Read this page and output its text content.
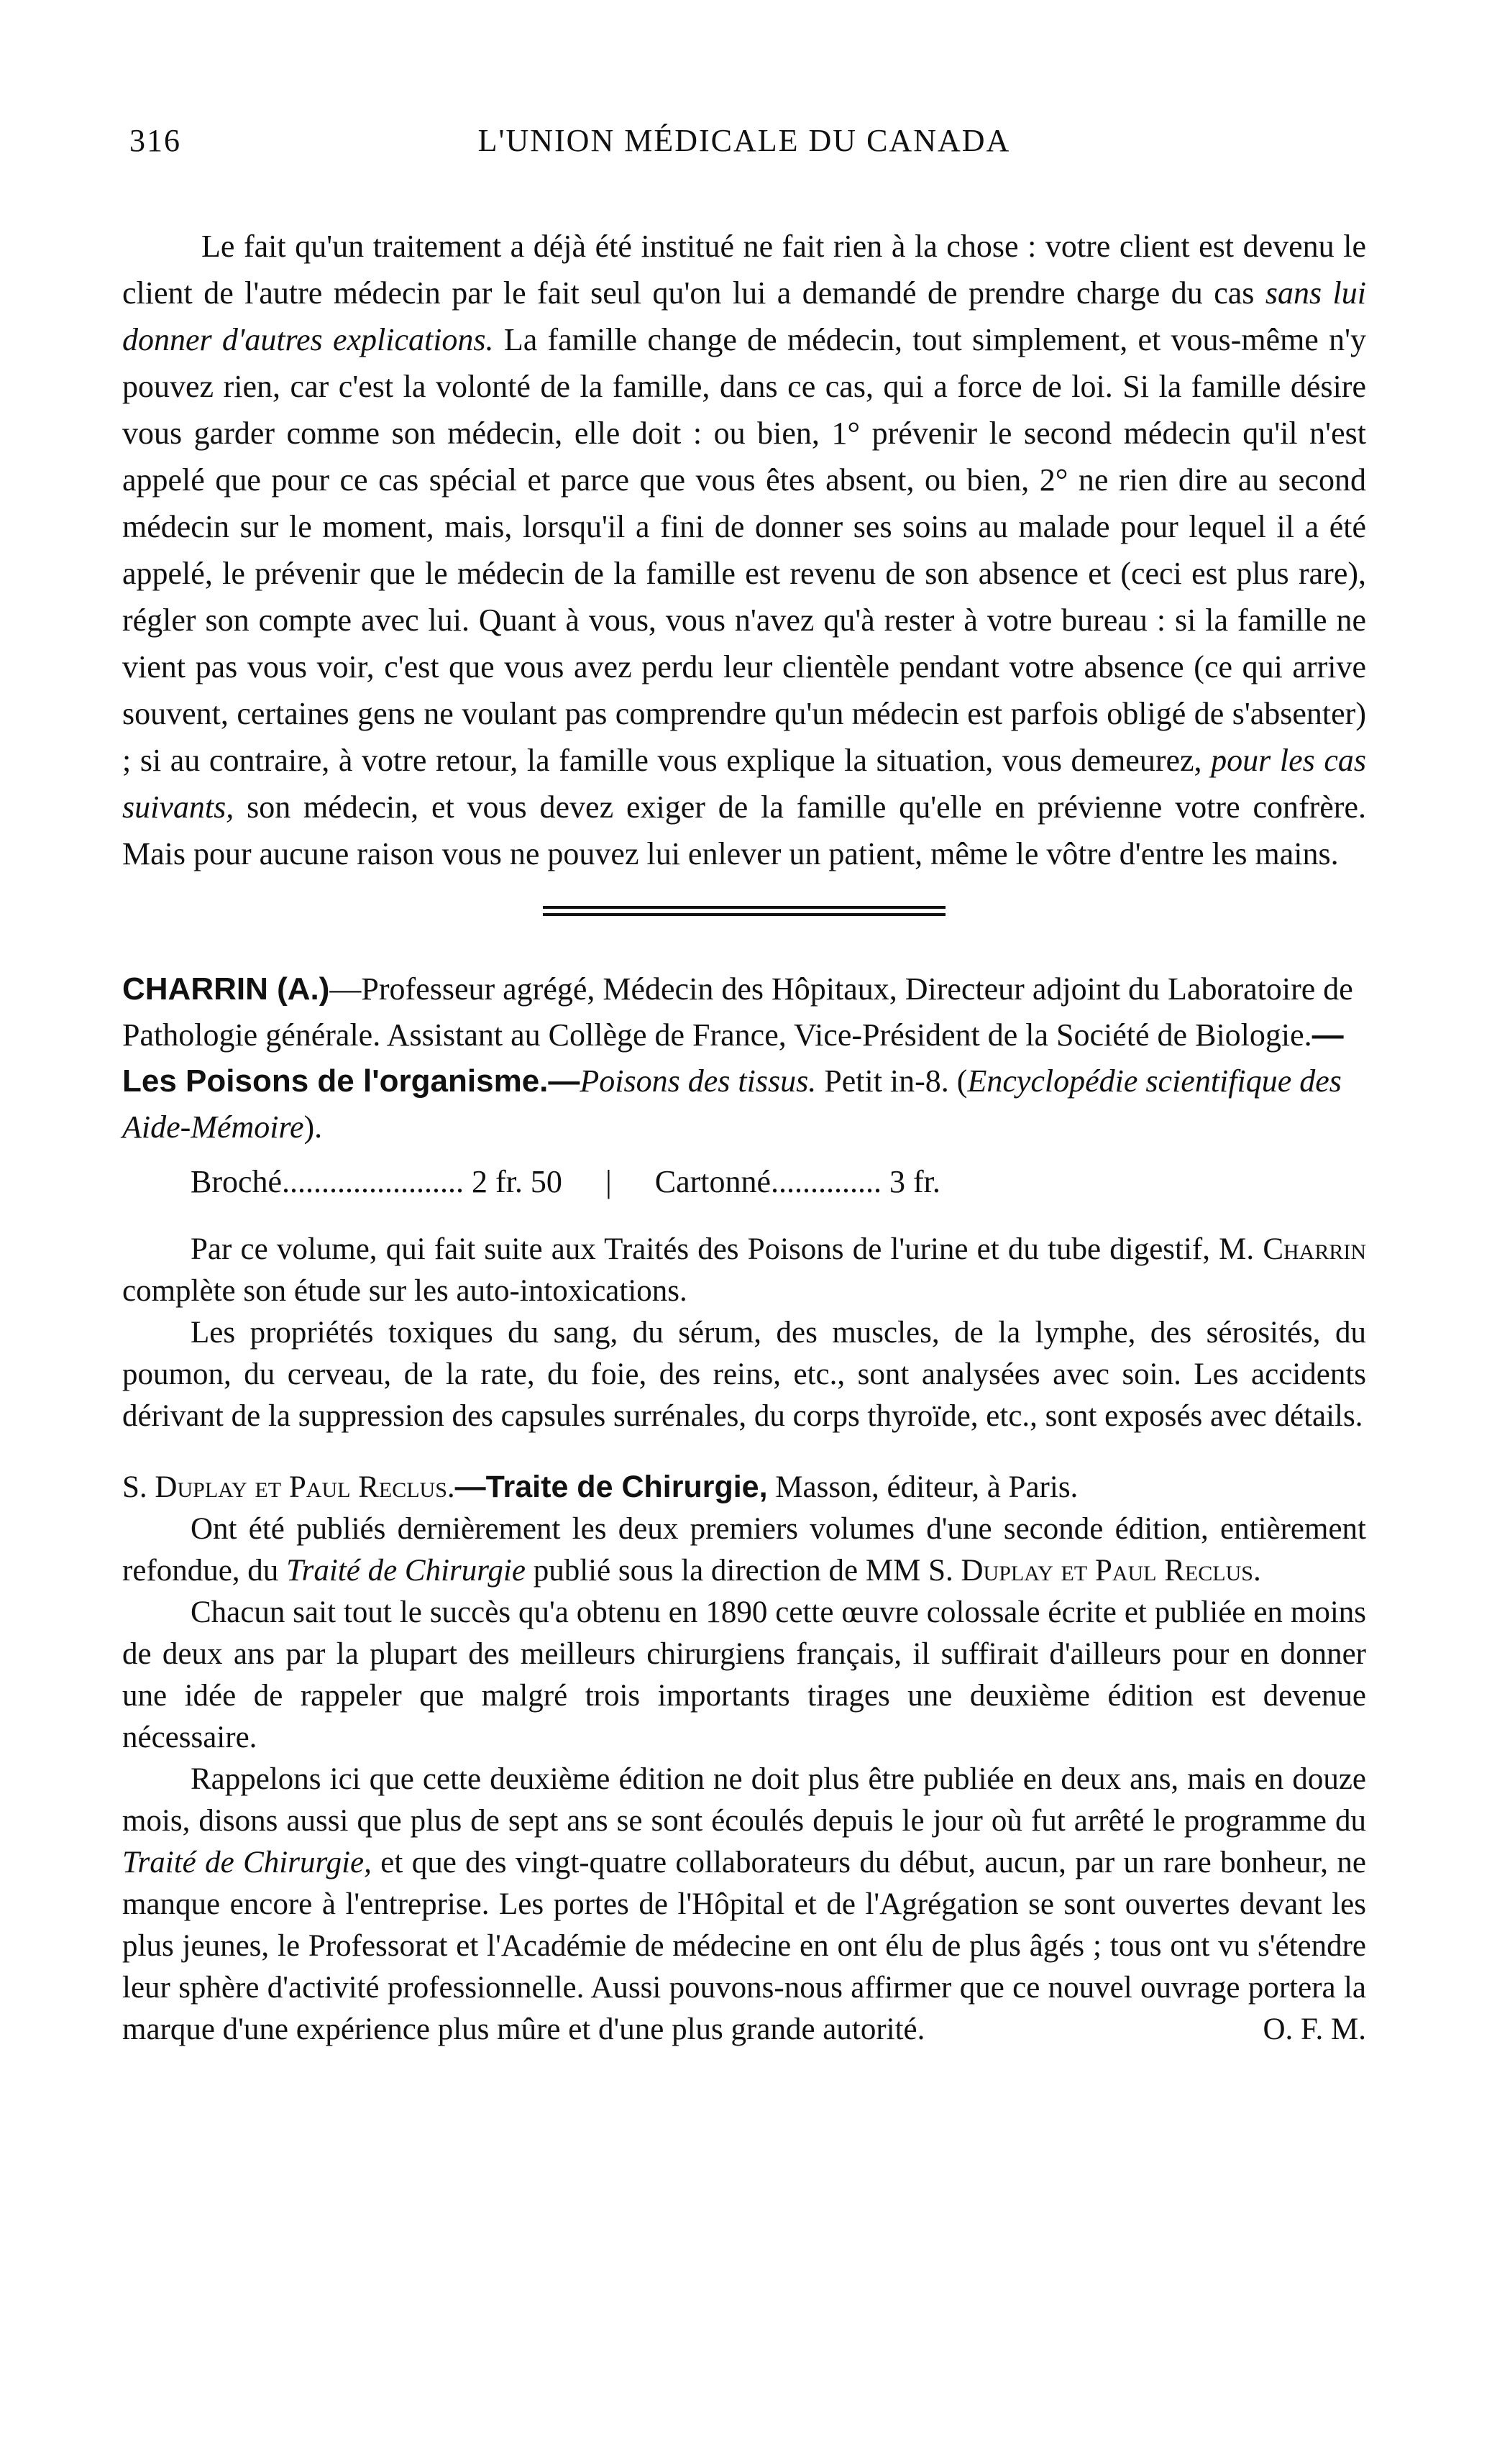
316	L'UNION MÉDICALE DU CANADA

Le fait qu'un traitement a déjà été institué ne fait rien à la chose : votre client est devenu le client de l'autre médecin par le fait seul qu'on lui a demandé de prendre charge du cas sans lui donner d'autres explications. La famille change de médecin, tout simplement, et vous-même n'y pouvez rien, car c'est la volonté de la famille, dans ce cas, qui a force de loi. Si la famille désire vous garder comme son médecin, elle doit : ou bien, 1° prévenir le second médecin qu'il n'est appelé que pour ce cas spécial et parce que vous êtes absent, ou bien, 2° ne rien dire au second médecin sur le moment, mais, lorsqu'il a fini de donner ses soins au malade pour lequel il a été appelé, le prévenir que le médecin de la famille est revenu de son absence et (ceci est plus rare), régler son compte avec lui. Quant à vous, vous n'avez qu'à rester à votre bureau : si la famille ne vient pas vous voir, c'est que vous avez perdu leur clientèle pendant votre absence (ce qui arrive souvent, certaines gens ne voulant pas comprendre qu'un médecin est parfois obligé de s'absenter) ; si au contraire, à votre retour, la famille vous explique la situation, vous demeurez, pour les cas suivants, son médecin, et vous devez exiger de la famille qu'elle en prévienne votre confrère. Mais pour aucune raison vous ne pouvez lui enlever un patient, même le vôtre d'entre les mains.

CHARRIN (A.)—Professeur agrégé, Médecin des Hôpitaux, Directeur adjoint du Laboratoire de Pathologie générale. Assistant au Collège de France, Vice-Président de la Société de Biologie.—Les Poisons de l'organisme.—Poisons des tissus. Petit in-8. (Encyclopédie scientifique des Aide-Mémoire).
Broché....................... 2 fr. 50 | Cartonné.............. 3 fr.

Par ce volume, qui fait suite aux Traités des Poisons de l'urine et du tube digestif, M. Charrin complète son étude sur les auto-intoxications.

Les propriétés toxiques du sang, du sérum, des muscles, de la lymphe, des sérosités, du poumon, du cerveau, de la rate, du foie, des reins, etc., sont analysées avec soin. Les accidents dérivant de la suppression des capsules surrénales, du corps thyroïde, etc., sont exposés avec détails.

S. Duplay et Paul Reclus.—Traite de Chirurgie, Masson, éditeur, à Paris.

Ont été publiés dernièrement les deux premiers volumes d'une seconde édition, entièrement refondue, du Traité de Chirurgie publié sous la direction de MM S. Duplay et Paul Reclus.

Chacun sait tout le succès qu'a obtenu en 1890 cette œuvre colossale écrite et publiée en moins de deux ans par la plupart des meilleurs chirurgiens français, il suffirait d'ailleurs pour en donner une idée de rappeler que malgré trois importants tirages une deuxième édition est devenue nécessaire.

Rappelons ici que cette deuxième édition ne doit plus être publiée en deux ans, mais en douze mois, disons aussi que plus de sept ans se sont écoulés depuis le jour où fut arrêté le programme du Traité de Chirurgie, et que des vingt-quatre collaborateurs du début, aucun, par un rare bonheur, ne manque encore à l'entreprise. Les portes de l'Hôpital et de l'Agrégation se sont ouvertes devant les plus jeunes, le Professorat et l'Académie de médecine en ont élu de plus âgés ; tous ont vu s'étendre leur sphère d'activité professionnelle. Aussi pouvons-nous affirmer que ce nouvel ouvrage portera la marque d'une expérience plus mûre et d'une plus grande autorité.	O. F. M.
